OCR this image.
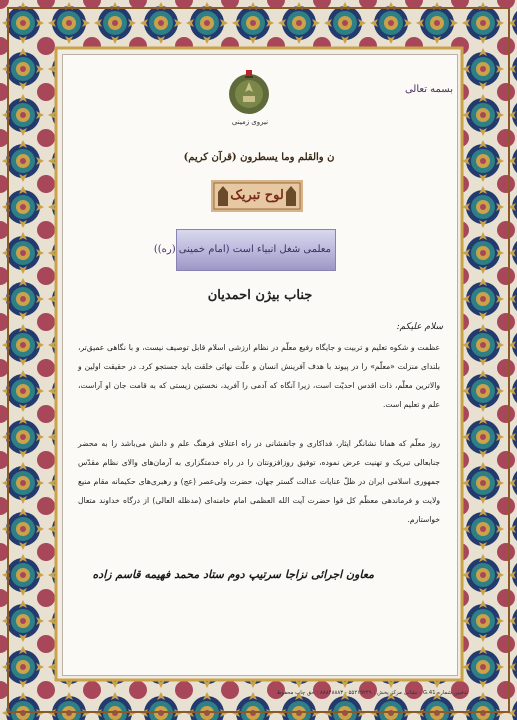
بسمه تعالی
نیروی زمینی
ن والقلم وما یسطرون (قرآن کریم)
لوح تبریک
معلمی شغل انبیاء است (امام خمینی (ره))
جناب بیژن احمدیان
سلام علیکم:
عظمت و شکوه تعلیم و تربیت و جایگاه رفیع معلّم در نظام ارزشی اسلام قابل توصیف نیست، و با نگاهی عمیق‌تر، بلندای منزلت «معلّم» را در پیوند با هدف آفرینش انسان و علّت نهائی خلقت باید جستجو کرد. در حقیقت اولین و والاترین معلّم، ذات اقدس احدیّت است، زیرا آنگاه که آدمی را آفرید، نخستین زیستی که به قامت جان او آراست، علم و تعلیم است.
روز معلّم که همانا نشانگر ایثار، فداکاری و جانفشانی در راه اعتلای فرهنگ علم و دانش می‌باشد را به محضر جنابعالی تبریک و تهنیت عرض نموده، توفیق روزافزونتان را در راه خدمتگزاری به آرمان‌های والای نظام مقدّس جمهوری اسلامی ایران در ظلّ عنایات عدالت گستر جهان، حضرت ولی‌عصر (عج) و رهبری‌های حکیمانه مقام منیع ولایت و فرماندهی معظّم کل قوا حضرت آیت الله العظمی امام خامنه‌ای (مدظله العالی) از درگاه خداوند متعال خواستارم.
معاون اجرائی نزاجا سرتیپ دوم ستاد محمد فهیمه قاسم زاده
تدفیبن شماره G.41 : نشانی مرکز پخش : ۵۵۲۱۹۲۴۹ - ۸۸۸۴۸۸۸۳ : حق چاپ محفوظ
